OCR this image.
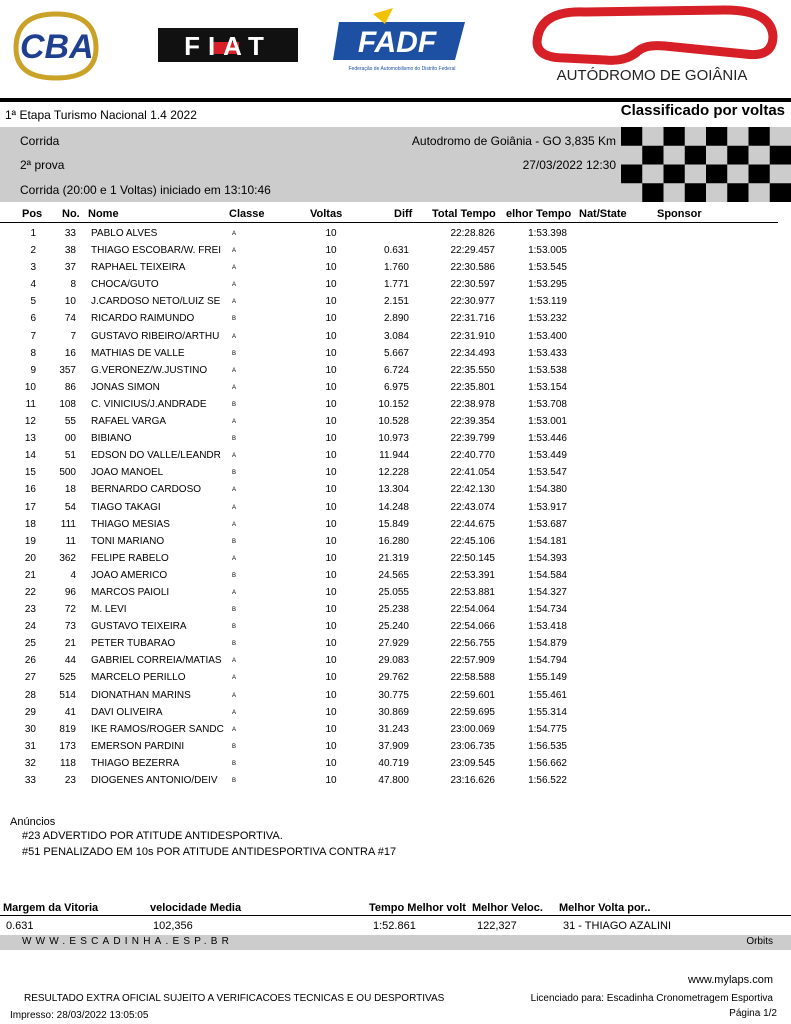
CBA	FIAT	FADF
Federação de Automobilismo do Distrito Federal	AUTÓDROMO DE GOIÂNIA
1ª Etapa Turismo Nacional 1.4 2022	Classificado por voltas
Corrida
2ª prova
Corrida (20:00 e 1 Voltas) iniciado em 13:10:46
Autodromo de Goiânia - GO 3,835 Km
27/03/2022 12:30
Pos No. Nome	Classe	Voltas	Diff Total Tempo elhor Tempo Nat/State	Sponsor
1	33 PABLO ALVES	A	10	22:28.826	1:53.398
2	38 THIAGO ESCOBAR/W. FREI	A	10	0.631	22:29.457	1:53.005
3	37 RAPHAEL TEIXEIRA	A	10	1.760	22:30.586	1:53.545
4	8 CHOCA/GUTO	A	10	1.771	22:30.597	1:53.295
5	10 J.CARDOSO NETO/LUIZ SE	A	10	2.151	22:30.977	1:53.119
6	74 RICARDO RAIMUNDO	B	10	2.890	22:31.716	1:53.232
7	7 GUSTAVO RIBEIRO/ARTHU	A	10	3.084	22:31.910	1:53.400
8	16 MATHIAS DE VALLE	B	10	5.667	22:34.493	1:53.433
9	357 G.VERONEZ/W.JUSTINO	A	10	6.724	22:35.550	1:53.538
10	86 JONAS SIMON	A	10	6.975	22:35.801	1:53.154
11	108 C. VINICIUS/J.ANDRADE	B	10	10.152	22:38.978	1:53.708
12	55 RAFAEL VARGA	A	10	10.528	22:39.354	1:53.001
13	00 BIBIANO	B	10	10.973	22:39.799	1:53.446
14	51 EDSON DO VALLE/LEANDR	A	10	11.944	22:40.770	1:53.449
15	500 JOÃO MANOEL	B	10	12.228	22:41.054	1:53.547
16	18 BERNARDO CARDOSO	A	10	13.304	22:42.130	1:54.380
17	54 TIAGO TAKAGI	A	10	14.248	22:43.074	1:53.917
18	111 THIAGO MESIAS	A	10	15.849	22:44.675	1:53.687
19	11 TONI MARIANO	B	10	16.280	22:45.106	1:54.181
20	362 FELIPE RABELO	A	10	21.319	22:50.145	1:54.393
21	4 JOÃO AMÉRICO	B	10	24.565	22:53.391	1:54.584
22	96 MARCOS PAIOLI	A	10	25.055	22:53.881	1:54.327
23	72 M. LEVI	B	10	25.238	22:54.064	1:54.734
24	73 GUSTAVO TEIXEIRA	B	10	25.240	22:54.066	1:53.418
25	21 PETER TUBARAO	B	10	27.929	22:56.755	1:54.879
26	44 GABRIEL CORREIA/MATIAS	A	10	29.083	22:57.909	1:54.794
27	525 MARCELO PERILLO	A	10	29.762	22:58.588	1:55.149
28	514 DIONATHAN MARINS	A	10	30.775	22:59.601	1:55.461
29	41 DAVI OLIVEIRA	A	10	30.869	22:59.695	1:55.314
30	819 IKE RAMOS/ROGER SANDC A	10	31.243	23:00.069	1:54.775
31	173 EMERSON PARDINI	B	10	37.909	23:06.735	1:56.535
32	118 THIAGO BEZERRA	B	10	40.719	23:09.545	1:56.662
33	23 DIOGENES ANTONIO/DEIV	B	10	47.800	23:16.626	1:56.522
Anúncios
#23 ADVERTIDO POR ATITUDE ANTIDESPORTIVA.
#51 PENALIZADO EM 10s POR ATITUDE ANTIDESPORTIVA CONTRA #17
Margem da Vitoria	velocidade Media	Tempo Melhor volt Melhor Veloc. Melhor Volta por..
0.631	102,356	1:52.861	122,327	31 - THIAGO AZALINI
WWW.ESCADINHA.ESP.BR	Orbits
www.mylaps.com
RESULTADO EXTRA OFICIAL SUJEITO A VERIFICACOES TECNICAS E OU DESPORTIVAS	Licenciado para: Escadinha Cronometragem Esportiva
Impresso: 28/03/2022 13:05:05	Página 1/2
